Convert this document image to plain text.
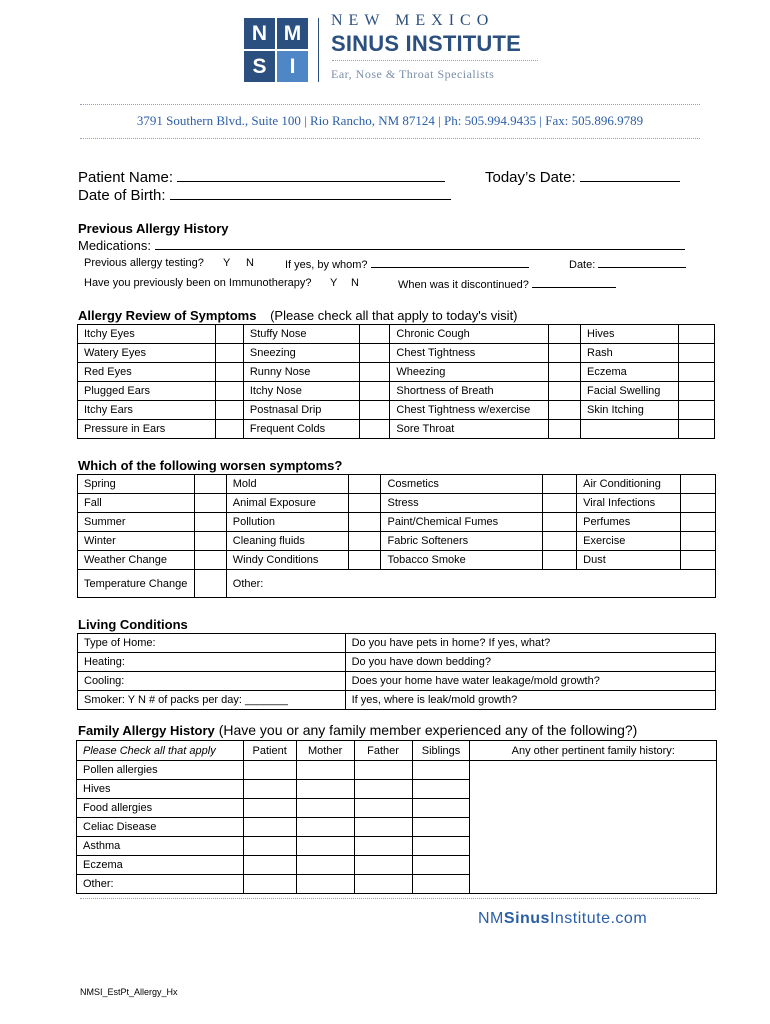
N M
S	I
NEW MEXICO
SINUS INSTITUTE
Ear, Nose & Throat Specialists
3791 Southern Blvd., Suite 100 | Rio Rancho, NM 87124 | Ph: 505.994.9435 | Fax: 505.896.9789
Patient Name:	Today’s Date:
Date of Birth:
Previous Allergy History
Medications:
Previous allergy testing? Y N	If yes, by whom?	Date:
Have you previously been on Immunotherapy? Y N	When was it discontinued?
Allergy Review of Symptoms (Please check all that apply to today's visit)
Itchy Eyes		Stuffy Nose		Chronic Cough		Hives	
Watery Eyes		Sneezing		Chest Tightness		Rash	
Red Eyes		Runny Nose		Wheezing		Eczema	
Plugged Ears		Itchy Nose		Shortness of Breath		Facial Swelling	
Itchy Ears		Postnasal Drip		Chest Tightness w/exercise		Skin Itching	
Pressure in Ears		Frequent Colds		Sore Throat			
Which of the following worsen symptoms?
Spring		Mold		Cosmetics		Air Conditioning	
Fall		Animal Exposure		Stress		Viral Infections	
Summer		Pollution		Paint/Chemical Fumes		Perfumes	
Winter		Cleaning fluids		Fabric Softeners		Exercise	
Weather Change		Windy Conditions		Tobacco Smoke		Dust	
Temperature Change		Other:					
Living Conditions
Type of Home:	Do you have pets in home? If yes, what?
Heating:	Do you have down bedding?
Cooling:	Does your home have water leakage/mold growth?
Smoker: Y N # of packs per day: _______	If yes, where is leak/mold growth?
Family Allergy History (Have you or any family member experienced any of the following?)
Please Check all that apply	Patient	Mother	Father	Siblings	Any other pertinent family history:
Pollen allergies					
Hives					
Food allergies					
Celiac Disease					
Asthma					
Eczema					
Other:					
NMSinusInstitute.com
NMSI_EstPt_Allergy_Hx
